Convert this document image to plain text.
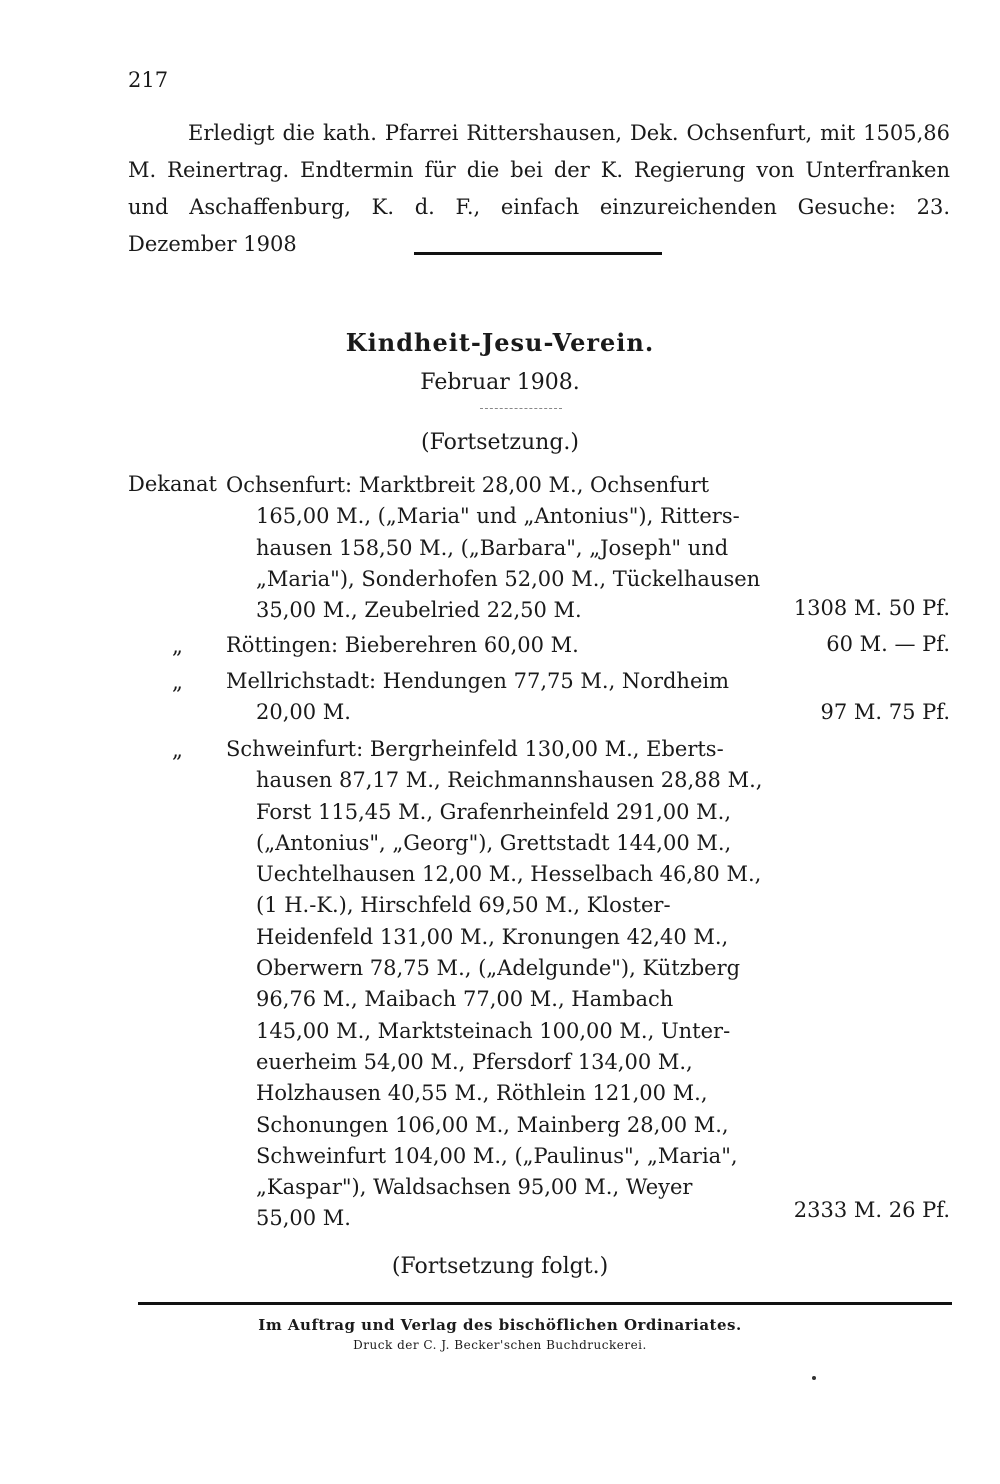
217
Erledigt die kath. Pfarrei Rittershausen, Dek. Ochsenfurt, mit 1505,86 M. Reinertrag. Endtermin für die bei der K. Regierung von Unterfranken und Aschaffenburg, K. d. F., einfach einzureichenden Gesuche: 23. Dezember 1908
Kindheit-Jesu-Verein.
Februar 1908.
(Fortsetzung.)
Dekanat Ochsenfurt: Marktbreit 28,00 M., Ochsenfurt
165,00 M., („Maria" und „Antonius"), Ritters-
hausen 158,50 M., („Barbara", „Joseph" und
„Maria"), Sonderhofen 52,00 M., Tückelhausen
35,00 M., Zeubelried 22,50 M.	1308 M. 50 Pf.
„	Röttingen: Bieberehren 60,00 M.	60 M. — Pf.
„	Mellrichstadt: Hendungen 77,75 M., Nordheim
20,00 M.	97 M. 75 Pf.
„	Schweinfurt: Bergrheinfeld 130,00 M., Eberts-
hausen 87,17 M., Reichmannshausen 28,88 M.,
Forst 115,45 M., Grafenrheinfeld 291,00 M.,
(„Antonius", „Georg"), Grettstadt 144,00 M.,
Uechtelhausen 12,00 M., Hesselbach 46,80 M.,
(1 H.-K.), Hirschfeld 69,50 M., Kloster-
Heidenfeld 131,00 M., Kronungen 42,40 M.,
Oberwern 78,75 M., („Adelgunde"), Kützberg
96,76 M., Maibach 77,00 M., Hambach
145,00 M., Marktsteinach 100,00 M., Unter-
euerheim 54,00 M., Pfersdorf 134,00 M.,
Holzhausen 40,55 M., Röthlein 121,00 M.,
Schonungen 106,00 M., Mainberg 28,00 M.,
Schweinfurt 104,00 M., („Paulinus", „Maria",
„Kaspar"), Waldsachsen 95,00 M., Weyer
55,00 M.	2333 M. 26 Pf.
(Fortsetzung folgt.)
Im Auftrag und Verlag des bischöflichen Ordinariates.
Druck der C. J. Becker'schen Buchdruckerei.
